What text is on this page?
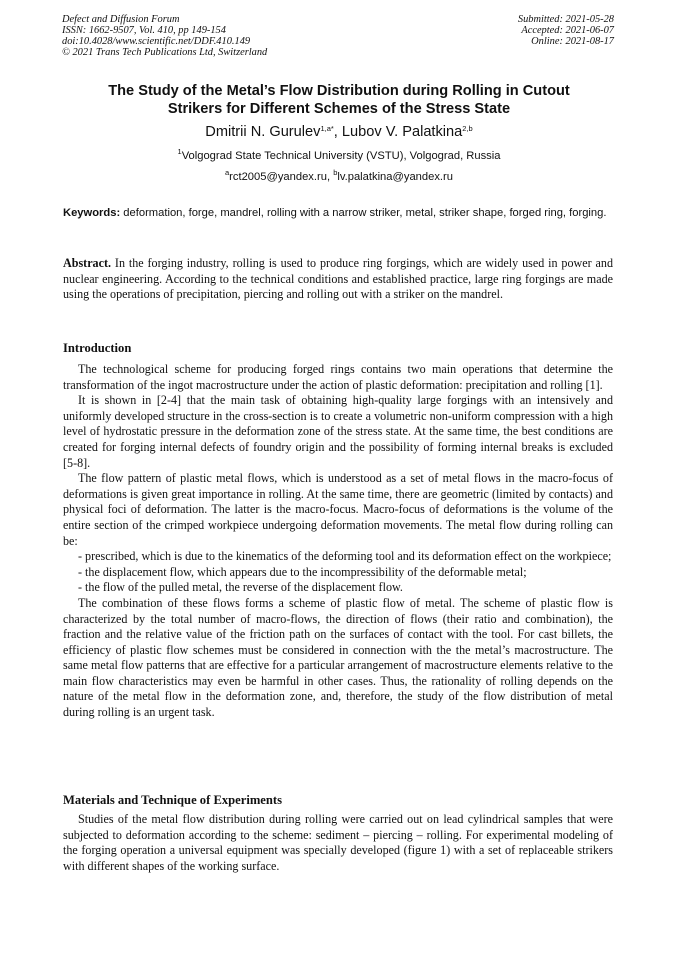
Defect and Diffusion Forum
ISSN: 1662-9507, Vol. 410, pp 149-154
doi:10.4028/www.scientific.net/DDF.410.149
© 2021 Trans Tech Publications Ltd, Switzerland
Submitted: 2021-05-28
Accepted: 2021-06-07
Online: 2021-08-17
The Study of the Metal’s Flow Distribution during Rolling in Cutout
Strikers for Different Schemes of the Stress State
Dmitrii N. Gurulev$^{1,a*}$, Lubov V. Palatkina$^{2,b}$
$^1$Volgograd State Technical University (VSTU), Volgograd, Russia
$^a$rct2005@yandex.ru, $^b$lv.palatkina@yandex.ru
Keywords: deformation, forge, mandrel, rolling with a narrow striker, metal, striker shape, forged ring, forging.

Abstract. In the forging industry, rolling is used to produce ring forgings, which are widely used in power and nuclear engineering. According to the technical conditions and established practice, large ring forgings are made using the operations of precipitation, piercing and rolling out with a striker on the mandrel.

Introduction

The technological scheme for producing forged rings contains two main operations that determine the transformation of the ingot macrostructure under the action of plastic deformation: precipitation and rolling [1].

It is shown in [2-4] that the main task of obtaining high-quality large forgings with an intensively and uniformly developed structure in the cross-section is to create a volumetric non-uniform compression with a high level of hydrostatic pressure in the deformation zone of the stress state. At the same time, the best conditions are created for forging internal defects of foundry origin and the possibility of forming internal breaks is excluded [5-8].

The flow pattern of plastic metal flows, which is understood as a set of metal flows in the macro-focus of deformations is given great importance in rolling. At the same time, there are geometric (limited by contacts) and physical foci of deformation. The latter is the macro-focus. Macro-focus of deformations is the volume of the entire section of the crimped workpiece undergoing deformation movements. The metal flow during rolling can be:

- prescribed, which is due to the kinematics of the deforming tool and its deformation effect on the workpiece;

- the displacement flow, which appears due to the incompressibility of the deformable metal;

- the flow of the pulled metal, the reverse of the displacement flow.

The combination of these flows forms a scheme of plastic flow of metal. The scheme of plastic flow is characterized by the total number of macro-flows, the direction of flows (their ratio and combination), the fraction and the relative value of the friction path on the surfaces of contact with the tool. For cast billets, the efficiency of plastic flow schemes must be considered in connection with the the metal’s macrostructure. The same metal flow patterns that are effective for a particular arrangement of macrostructure elements relative to the main flow characteristics may even be harmful in other cases. Thus, the rationality of rolling depends on the nature of the metal flow in the deformation zone, and, therefore, the study of the flow distribution of metal during rolling is an urgent task.

Materials and Technique of Experiments

Studies of the metal flow distribution during rolling were carried out on lead cylindrical samples that were subjected to deformation according to the scheme: sediment – piercing – rolling. For experimental modeling of the forging operation a universal equipment was specially developed (figure 1) with a set of replaceable strikers with different shapes of the working surface.
